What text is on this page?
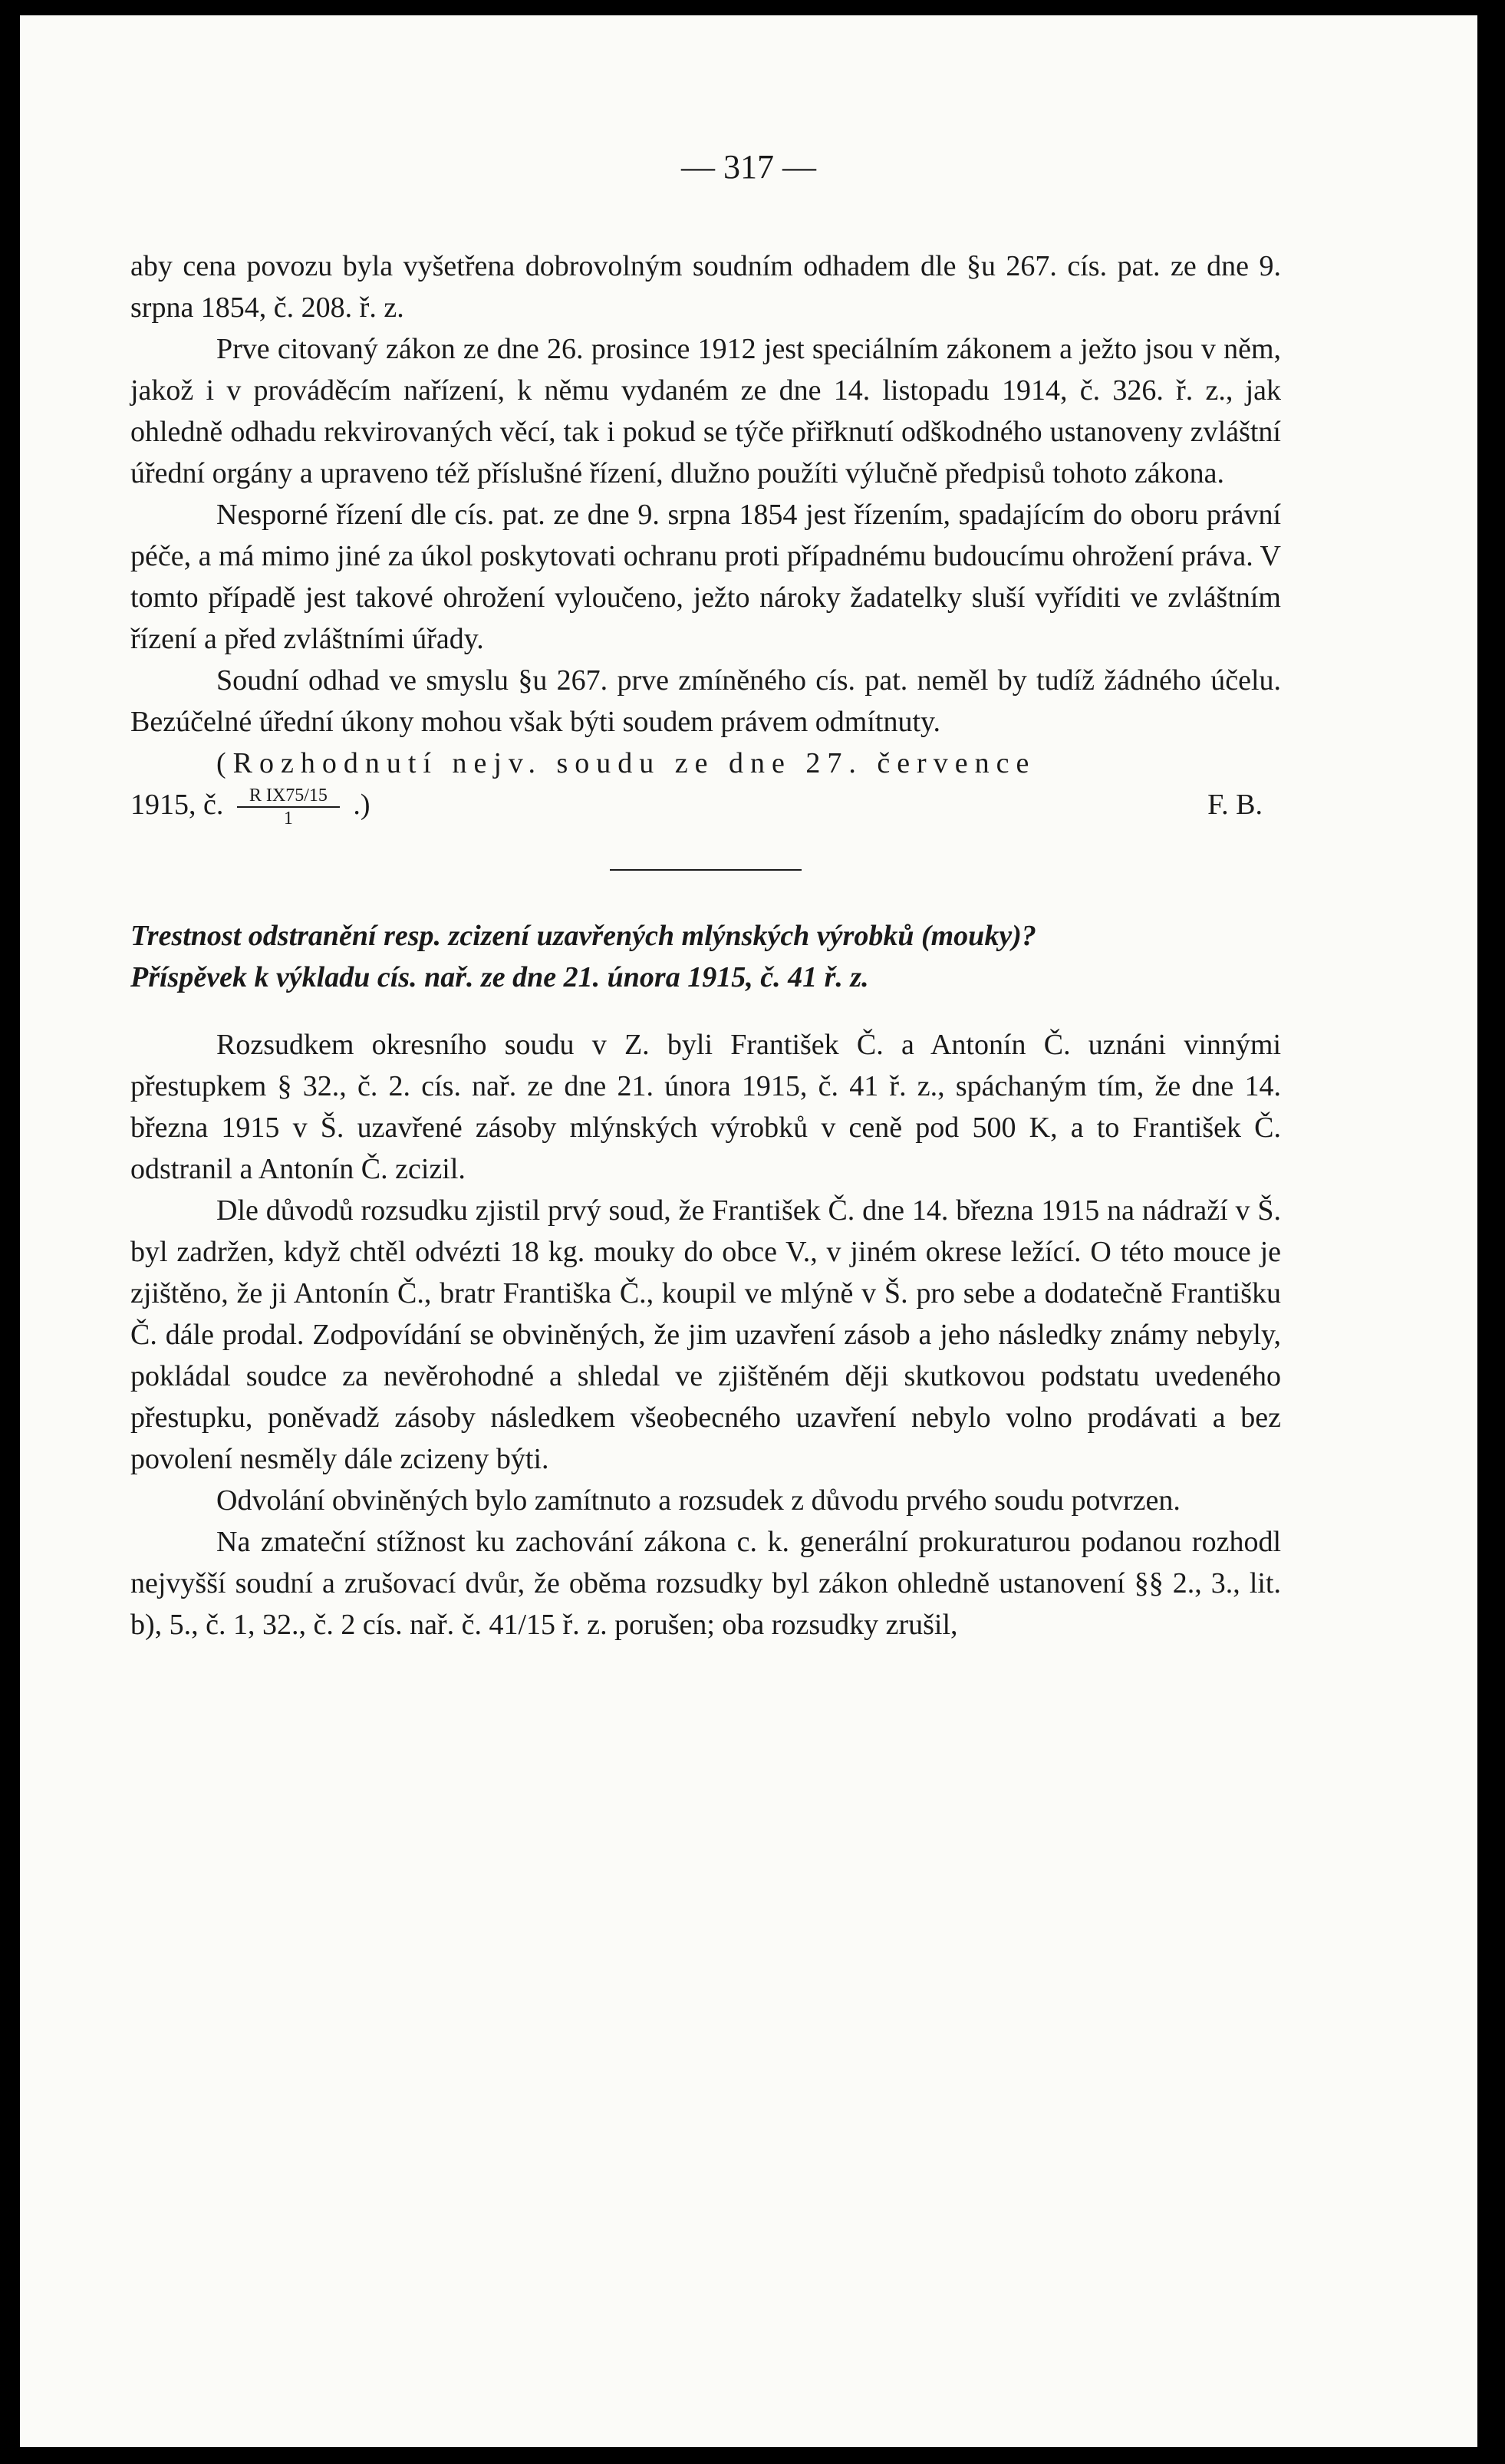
— 317 —

aby cena povozu byla vyšetřena dobrovolným soudním odhadem dle §u 267. cís. pat. ze dne 9. srpna 1854, č. 208. ř. z.

Prve citovaný zákon ze dne 26. prosince 1912 jest speciálním zákonem a ježto jsou v něm, jakož i v prováděcím nařízení, k němu vydaném ze dne 14. listopadu 1914, č. 326. ř. z., jak ohledně odhadu rekvirovaných věcí, tak i pokud se týče přiřknutí odškodného ustanoveny zvláštní úřední orgány a upraveno též příslušné řízení, dlužno použíti výlučně předpisů tohoto zákona.

Nesporné řízení dle cís. pat. ze dne 9. srpna 1854 jest řízením, spadajícím do oboru právní péče, a má mimo jiné za úkol poskytovati ochranu proti případnému budoucímu ohrožení práva. V tomto případě jest takové ohrožení vyloučeno, ježto nároky žadatelky sluší vyříditi ve zvláštním řízení a před zvláštními úřady.

Soudní odhad ve smyslu §u 267. prve zmíněného cís. pat. neměl by tudíž žádného účelu. Bezúčelné úřední úkony mohou však býti soudem právem odmítnuty.

(Rozhodnutí nejv. soudu ze dne 27. července

1915, č. $\frac{\text{R IX75/15}}{1}$ .)	F. B.

Trestnost odstranění resp. zcizení uzavřených mlýnských výrobků (mouky)?

Příspěvek k výkladu cís. nař. ze dne 21. února 1915, č. 41 ř. z.

Rozsudkem okresního soudu v Z. byli František Č. a Antonín Č. uznáni vinnými přestupkem § 32., č. 2. cís. nař. ze dne 21. února 1915, č. 41 ř. z., spáchaným tím, že dne 14. března 1915 v Š. uzavřené zásoby mlýnských výrobků v ceně pod 500 K, a to František Č. odstranil a Antonín Č. zcizil.

Dle důvodů rozsudku zjistil prvý soud, že František Č. dne 14. března 1915 na nádraží v Š. byl zadržen, když chtěl odvézti 18 kg. mouky do obce V., v jiném okrese ležící. O této mouce je zjištěno, že ji Antonín Č., bratr Františka Č., koupil ve mlýně v Š. pro sebe a dodatečně Františku Č. dále prodal. Zodpovídání se obviněných, že jim uzavření zásob a jeho následky známy nebyly, pokládal soudce za nevěrohodné a shledal ve zjištěném ději skutkovou podstatu uvedeného přestupku, poněvadž zásoby následkem všeobecného uzavření nebylo volno prodávati a bez povolení nesměly dále zcizeny býti.

Odvolání obviněných bylo zamítnuto a rozsudek z důvodu prvého soudu potvrzen.

Na zmateční stížnost ku zachování zákona c. k. generální prokuraturou podanou rozhodl nejvyšší soudní a zrušovací dvůr, že oběma rozsudky byl zákon ohledně ustanovení §§ 2., 3., lit. b), 5., č. 1, 32., č. 2 cís. nař. č. 41/15 ř. z. porušen; oba rozsudky zrušil,
